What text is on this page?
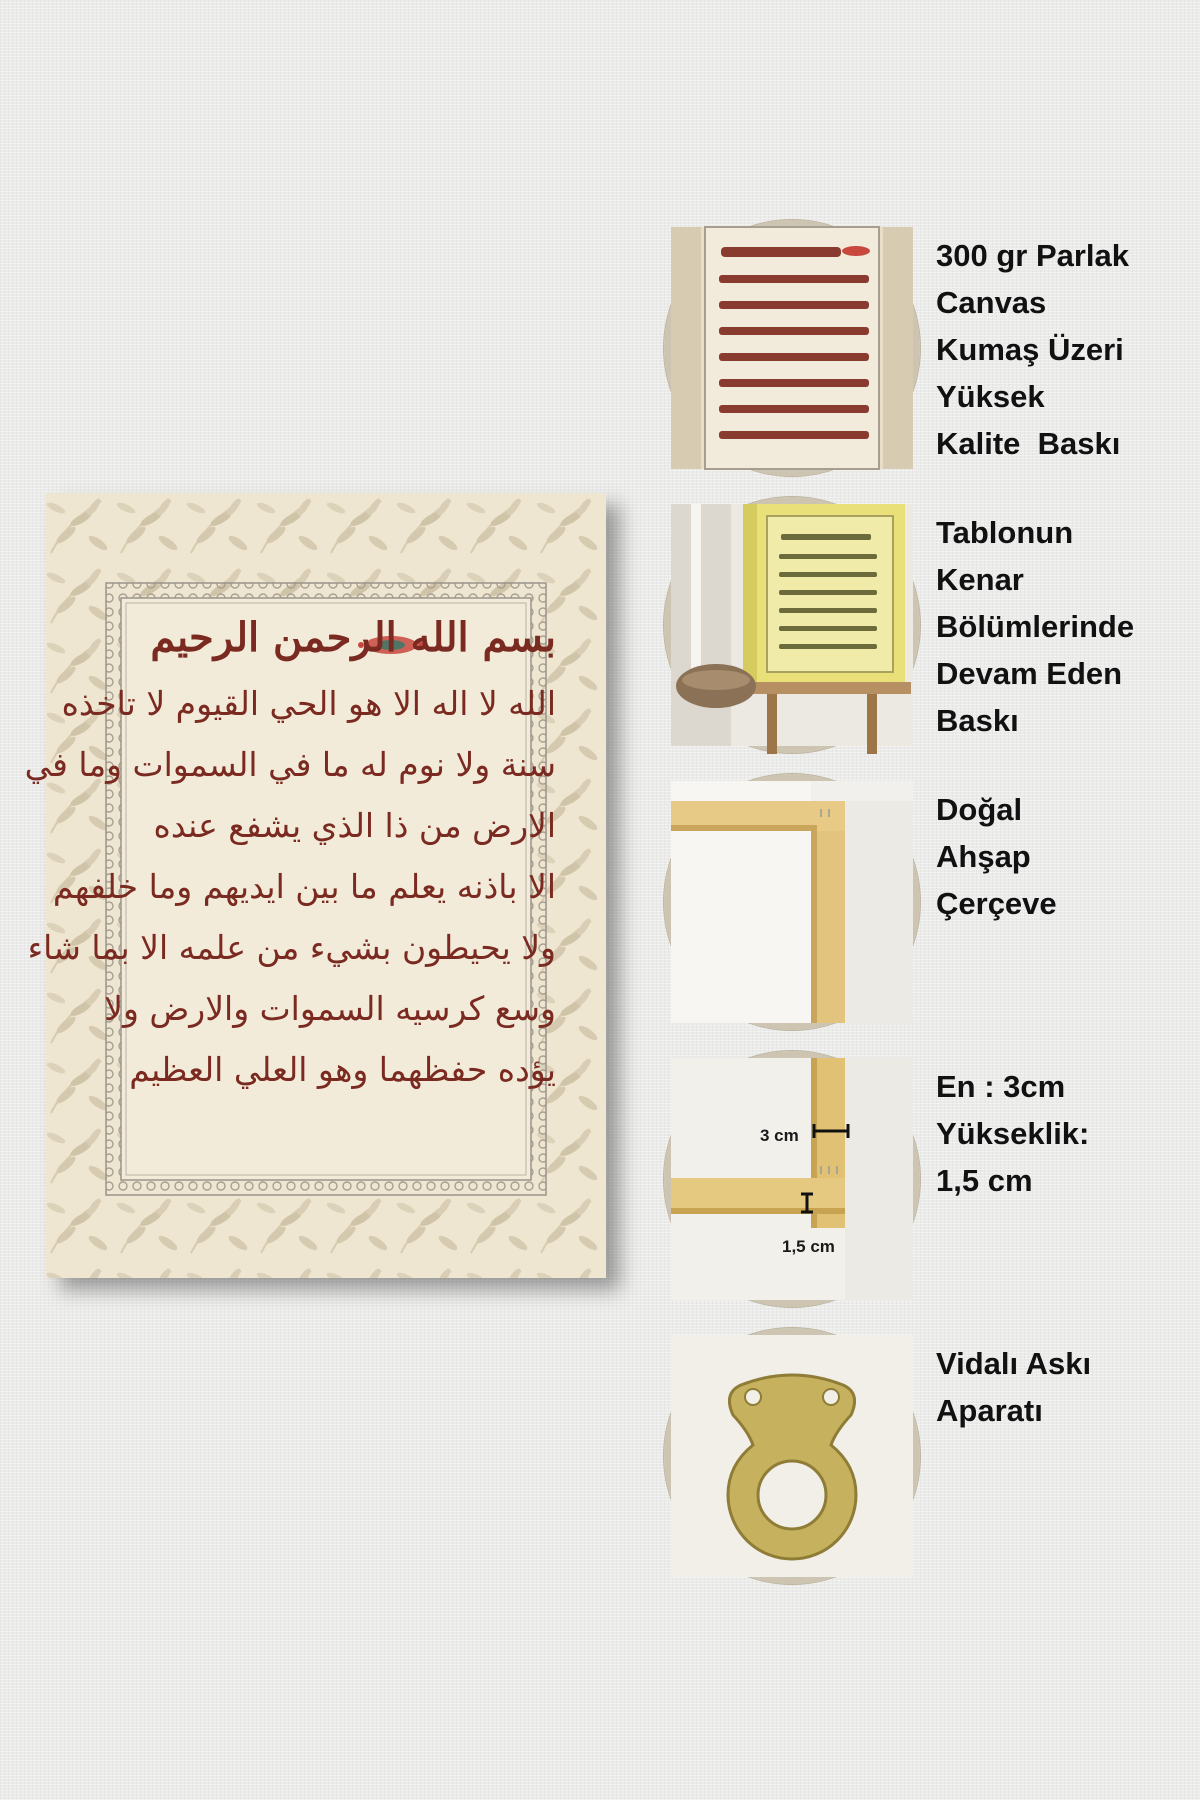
بسم الله الرحمن الرحيم
الله لا اله الا هو الحي القيوم لا تاخذه
سنة ولا نوم له ما في السموات وما في
الارض من ذا الذي يشفع عنده
الا باذنه يعلم ما بين ايديهم وما خلفهم
ولا يحيطون بشيء من علمه الا بما شاء
وسع كرسيه السموات والارض ولا
يؤده حفظهما وهو العلي العظيم
300 gr Parlak
Canvas
Kumaş Üzeri
Yüksek
Kalite  Baskı
Tablonun
Kenar
Bölümlerinde
Devam Eden
Baskı
Doğal
Ahşap
Çerçeve
3 cm
1,5 cm
En : 3cm
Yükseklik:
1,5 cm
Vidalı Askı
Aparatı
